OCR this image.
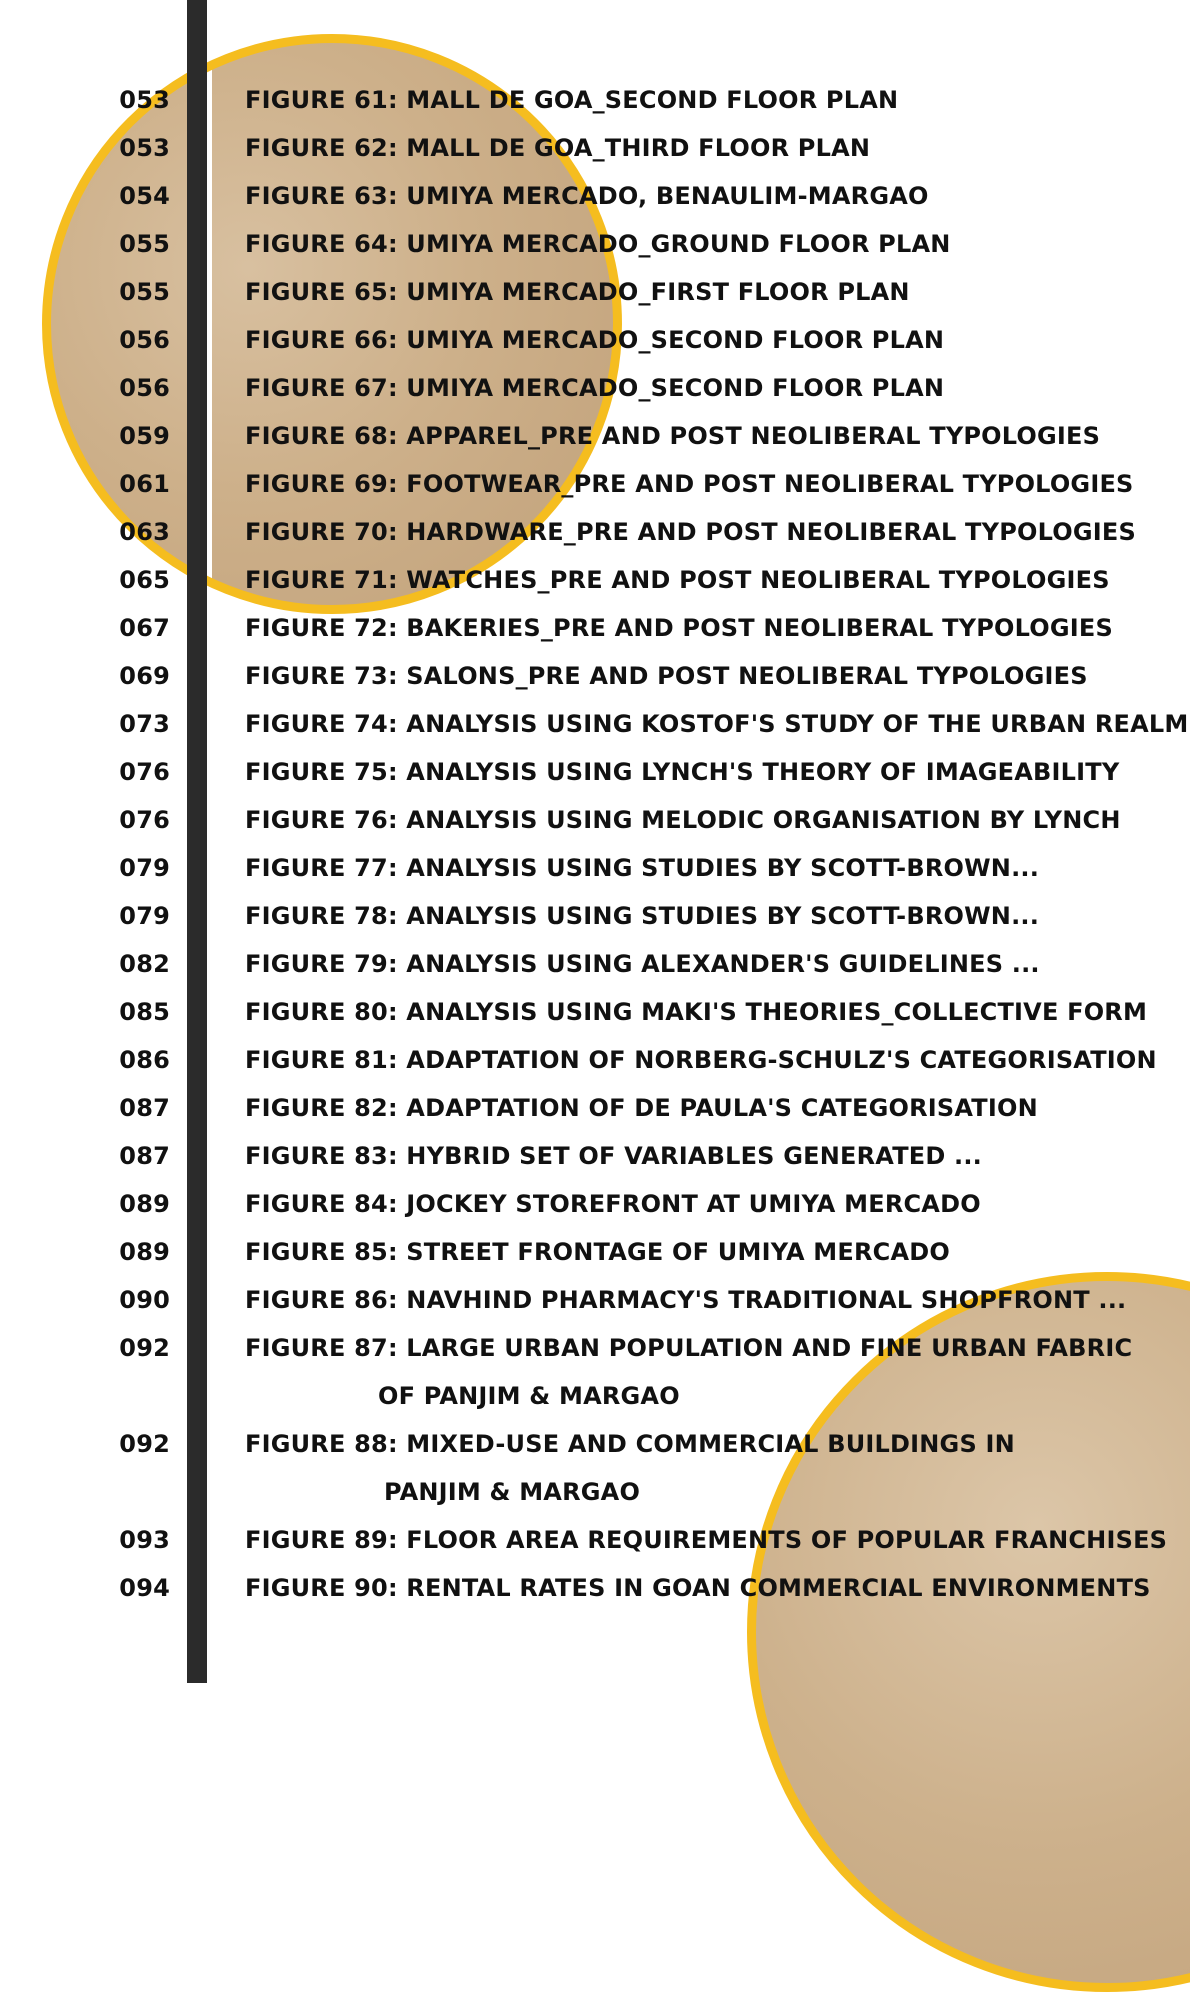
053	FIGURE 61: MALL DE GOA_SECOND FLOOR PLAN
053	FIGURE 62: MALL DE GOA_THIRD FLOOR PLAN
054	FIGURE 63: UMIYA MERCADO, BENAULIM-MARGAO
055	FIGURE 64: UMIYA MERCADO_GROUND FLOOR PLAN
055	FIGURE 65: UMIYA MERCADO_FIRST FLOOR PLAN
056	FIGURE 66: UMIYA MERCADO_SECOND FLOOR PLAN
056	FIGURE 67: UMIYA MERCADO_SECOND FLOOR PLAN
059	FIGURE 68: APPAREL_PRE AND POST NEOLIBERAL TYPOLOGIES
061	FIGURE 69: FOOTWEAR_PRE AND POST NEOLIBERAL TYPOLOGIES
063	FIGURE 70: HARDWARE_PRE AND POST NEOLIBERAL TYPOLOGIES
065	FIGURE 71: WATCHES_PRE AND POST NEOLIBERAL TYPOLOGIES
067	FIGURE 72: BAKERIES_PRE AND POST NEOLIBERAL TYPOLOGIES
069	FIGURE 73: SALONS_PRE AND POST NEOLIBERAL TYPOLOGIES
073	FIGURE 74: ANALYSIS USING KOSTOF'S STUDY OF THE URBAN REALM
076	FIGURE 75: ANALYSIS USING LYNCH'S THEORY OF IMAGEABILITY
076	FIGURE 76: ANALYSIS USING MELODIC ORGANISATION BY LYNCH
079	FIGURE 77: ANALYSIS USING STUDIES BY SCOTT-BROWN...
079	FIGURE 78: ANALYSIS USING STUDIES BY SCOTT-BROWN...
082	FIGURE 79: ANALYSIS USING ALEXANDER'S GUIDELINES ...
085	FIGURE 80: ANALYSIS USING MAKI'S THEORIES_COLLECTIVE FORM
086	FIGURE 81: ADAPTATION OF NORBERG-SCHULZ'S CATEGORISATION
087	FIGURE 82: ADAPTATION OF DE PAULA'S CATEGORISATION
087	FIGURE 83: HYBRID SET OF VARIABLES GENERATED ...
089	FIGURE 84: JOCKEY STOREFRONT AT UMIYA MERCADO
089	FIGURE 85: STREET FRONTAGE OF UMIYA MERCADO
090	FIGURE 86: NAVHIND PHARMACY'S TRADITIONAL SHOPFRONT ...
092	FIGURE 87: LARGE URBAN POPULATION AND FINE URBAN FABRIC
OF PANJIM & MARGAO
092	FIGURE 88: MIXED-USE AND COMMERCIAL BUILDINGS IN
PANJIM & MARGAO
093	FIGURE 89: FLOOR AREA REQUIREMENTS OF POPULAR FRANCHISES
094	FIGURE 90: RENTAL RATES IN GOAN COMMERCIAL ENVIRONMENTS
